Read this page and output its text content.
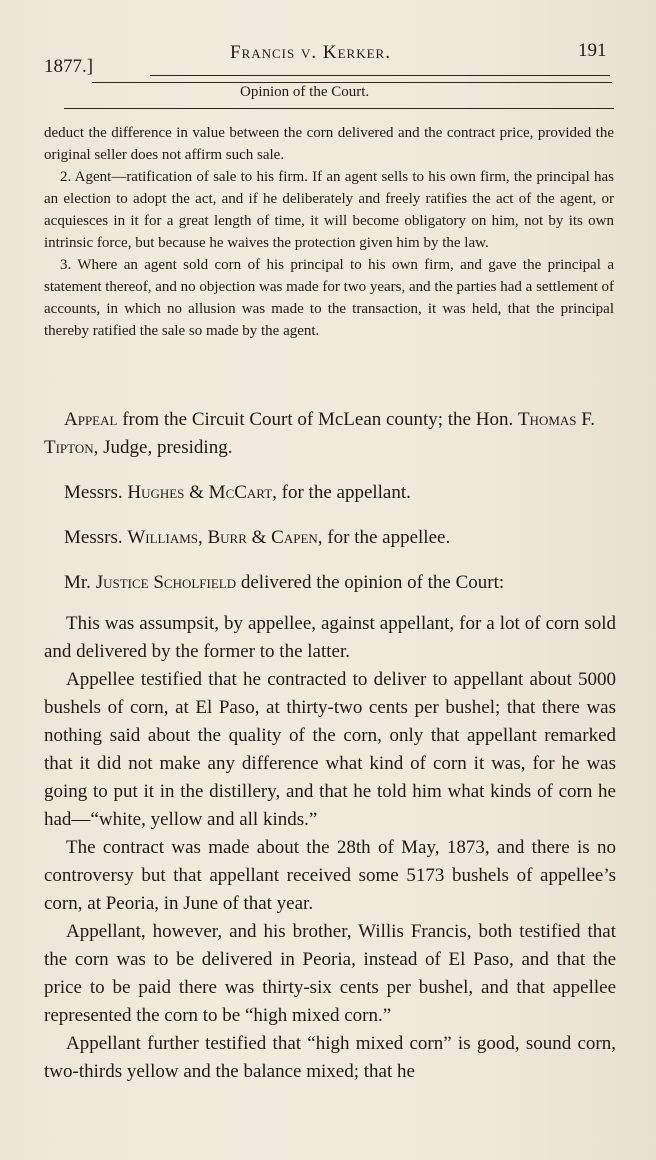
1877.]
Francis v. Kerker.	191
Opinion of the Court.

deduct the difference in value between the corn delivered and the contract price, provided the original seller does not affirm such sale.

2. Agent—ratification of sale to his firm. If an agent sells to his own firm, the principal has an election to adopt the act, and if he deliberately and freely ratifies the act of the agent, or acquiesces in it for a great length of time, it will become obligatory on him, not by its own intrinsic force, but because he waives the protection given him by the law.

3. Where an agent sold corn of his principal to his own firm, and gave the principal a statement thereof, and no objection was made for two years, and the parties had a settlement of accounts, in which no allusion was made to the transaction, it was held, that the principal thereby ratified the sale so made by the agent.

Appeal from the Circuit Court of McLean county; the Hon. Thomas F. Tipton, Judge, presiding.

Messrs. Hughes & McCart, for the appellant.

Messrs. Williams, Burr & Capen, for the appellee.

Mr. Justice Scholfield delivered the opinion of the Court:

This was assumpsit, by appellee, against appellant, for a lot of corn sold and delivered by the former to the latter.

Appellee testified that he contracted to deliver to appellant about 5000 bushels of corn, at El Paso, at thirty-two cents per bushel; that there was nothing said about the quality of the corn, only that appellant remarked that it did not make any difference what kind of corn it was, for he was going to put it in the distillery, and that he told him what kinds of corn he had—“white, yellow and all kinds.”

The contract was made about the 28th of May, 1873, and there is no controversy but that appellant received some 5173 bushels of appellee’s corn, at Peoria, in June of that year.

Appellant, however, and his brother, Willis Francis, both testified that the corn was to be delivered in Peoria, instead of El Paso, and that the price to be paid there was thirty-six cents per bushel, and that appellee represented the corn to be “high mixed corn.”

Appellant further testified that “high mixed corn” is good, sound corn, two-thirds yellow and the balance mixed; that he
